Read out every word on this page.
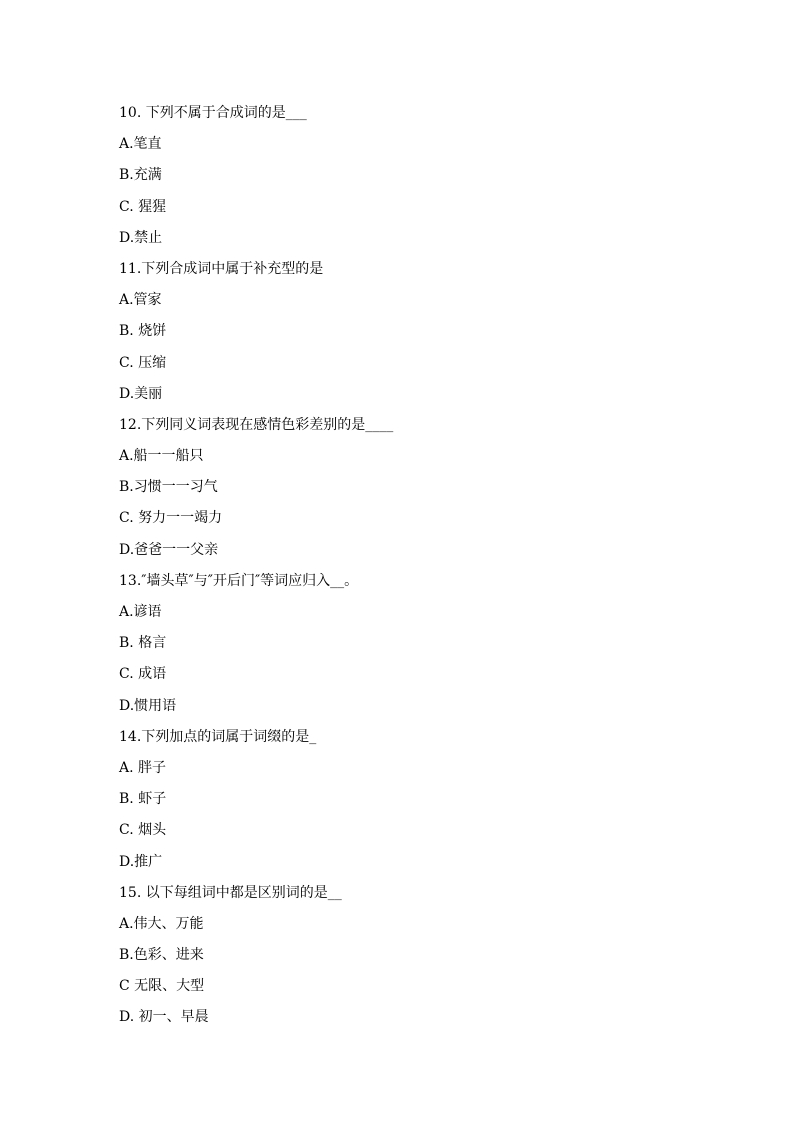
10. 下列不属于合成词的是___
A.笔直
B.充满
C. 猩猩
D.禁止
11.下列合成词中属于补充型的是
A.管家
B. 烧饼
C. 压缩
D.美丽
12.下列同义词表现在感情色彩差别的是____
A.船一一船只
B.习惯一一习气
C. 努力一一竭力
D.爸爸一一父亲
13.″墙头草″与″开后门″等词应归入__。
A.谚语
B. 格言
C. 成语
D.惯用语
14.下列加点的词属于词缀的是_
A. 胖子
B. 虾子
C. 烟头
D.推广
15. 以下每组词中都是区别词的是__
A.伟大、万能
B.色彩、进来
C 无限、大型
D. 初一、早晨
